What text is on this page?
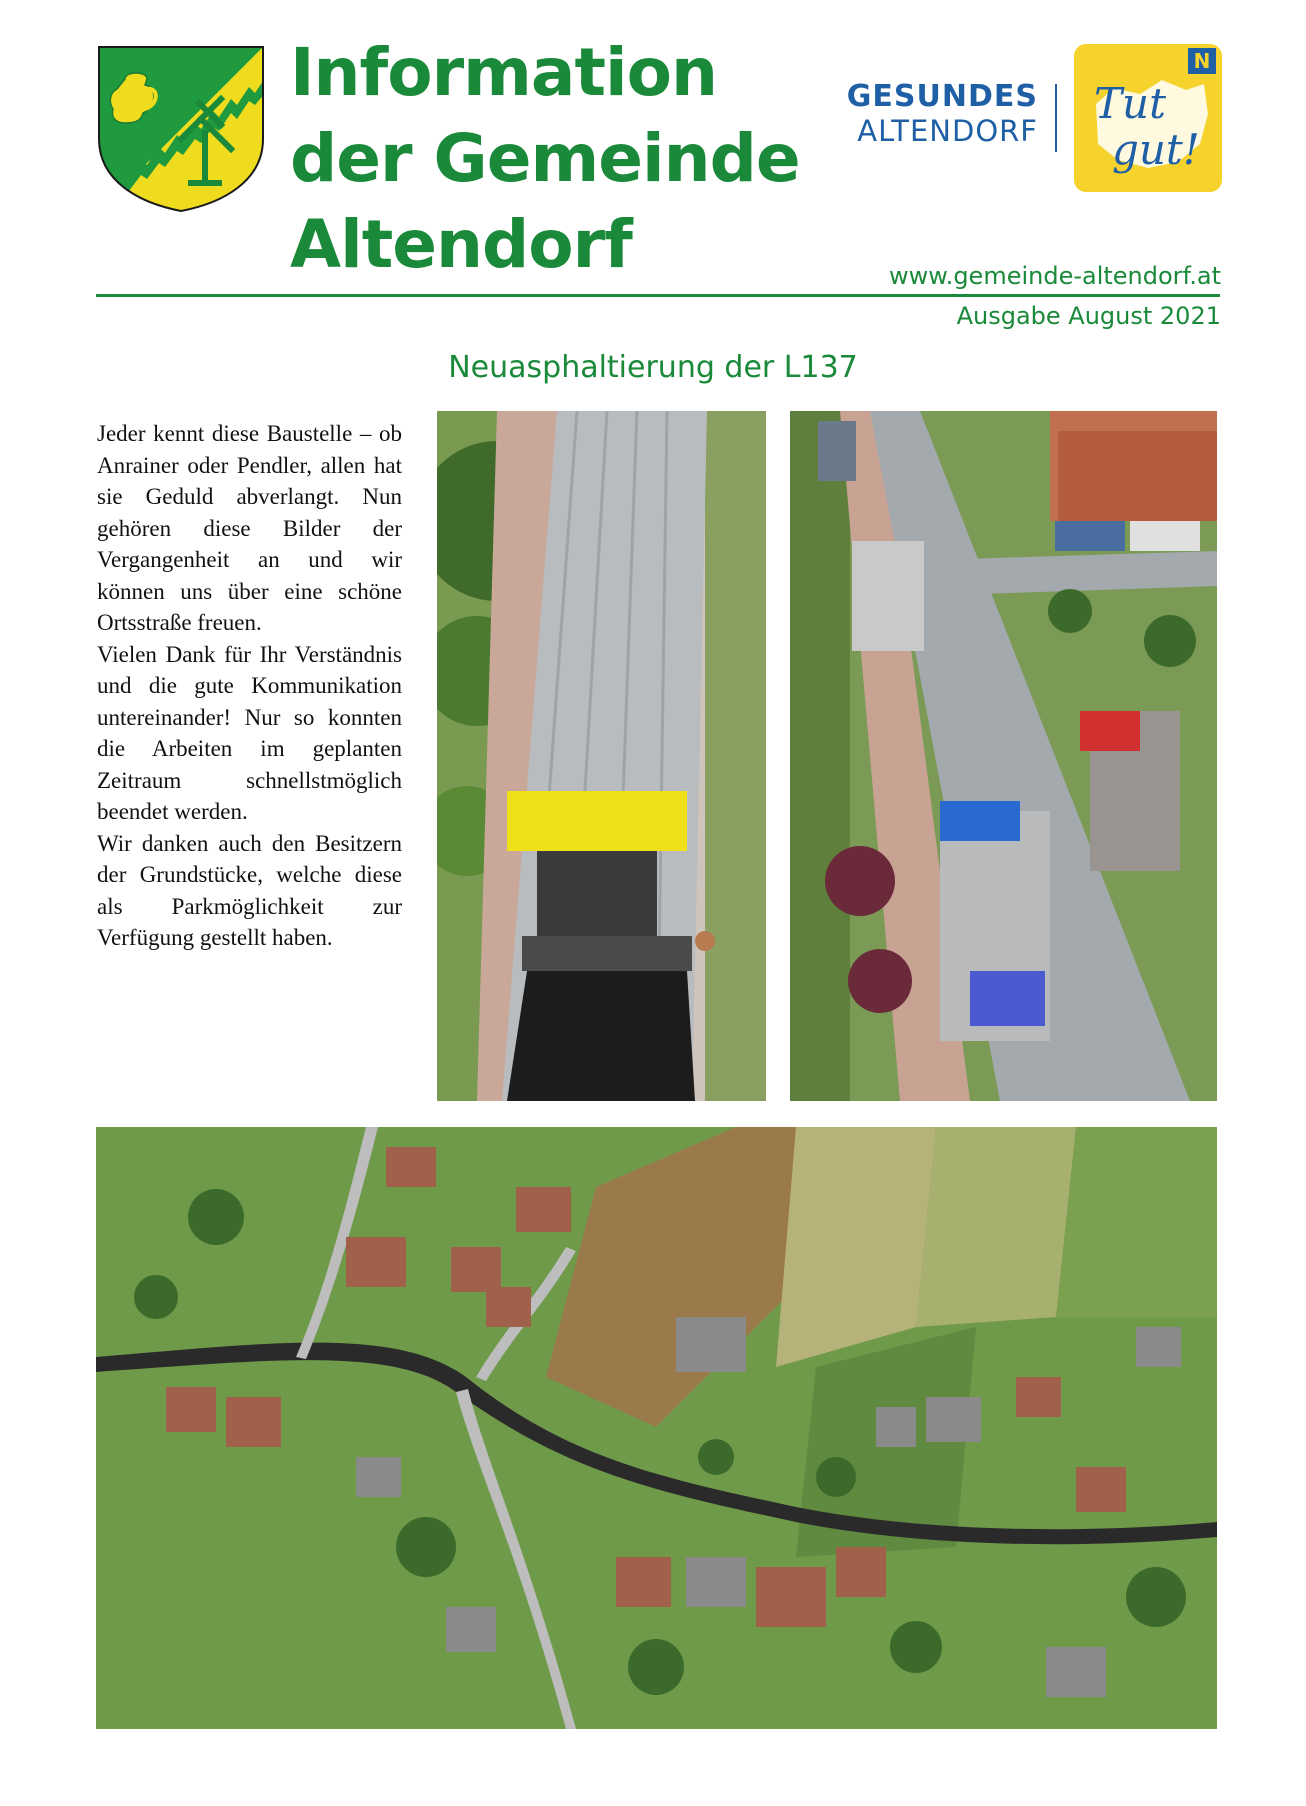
Information
der Gemeinde
Altendorf
GESUNDES
ALTENDORF
N
Tut
gut!
www.gemeinde-altendorf.at
Ausgabe August 2021
Neuasphaltierung der L137

Jeder kennt diese Baustelle – ob Anrainer oder Pendler, allen hat sie Geduld abverlangt. Nun gehören diese Bilder der Vergangenheit an und wir können uns über eine schöne Ortsstraße freuen.

Vielen Dank für Ihr Verständnis und die gute Kommunikation untereinander! Nur so konnten die Arbeiten im geplanten Zeitraum schnellstmöglich beendet werden.

Wir danken auch den Besitzern der Grundstücke, welche diese als Parkmöglichkeit zur Verfügung gestellt haben.
